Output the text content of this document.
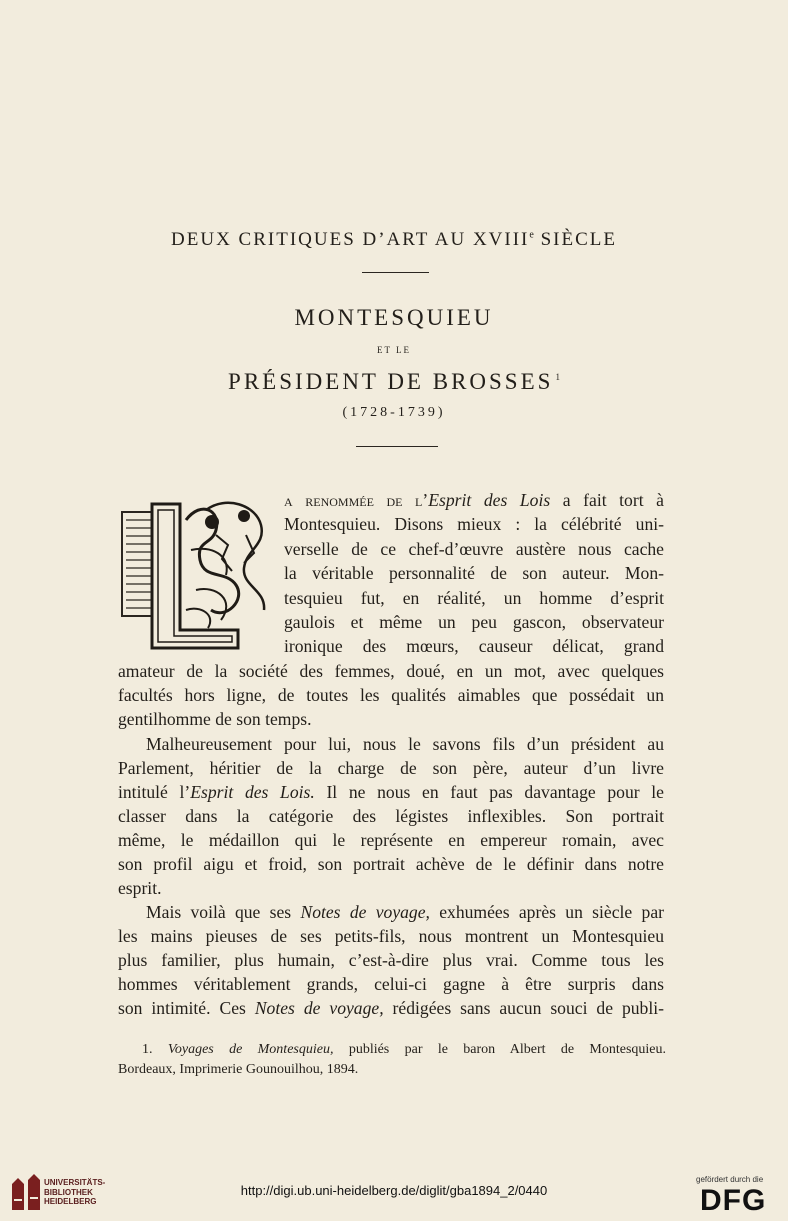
DEUX CRITIQUES D’ART AU XVIIIe SIÈCLE
MONTESQUIEU
ET LE
PRÉSIDENT DE BROSSES $^1$
(1728-1739)
a renommée de l’Esprit des Lois a fait tort à
Montesquieu. Disons mieux : la célébrité uni-
verselle de ce chef-d’œuvre austère nous cache
la véritable personnalité de son auteur. Mon-
tesquieu fut, en réalité, un homme d’esprit
gaulois et même un peu gascon, observateur
ironique des mœurs, causeur délicat, grand
amateur de la société des femmes, doué, en un mot, avec quelques
facultés hors ligne, de toutes les qualités aimables que possédait un
gentilhomme de son temps.
Malheureusement pour lui, nous le savons fils d’un président au
Parlement, héritier de la charge de son père, auteur d’un livre
intitulé l’Esprit des Lois. Il ne nous en faut pas davantage pour le
classer dans la catégorie des légistes inflexibles. Son portrait
même, le médaillon qui le représente en empereur romain, avec
son profil aigu et froid, son portrait achève de le définir dans notre
esprit.
Mais voilà que ses Notes de voyage, exhumées après un siècle par
les mains pieuses de ses petits-fils, nous montrent un Montesquieu
plus familier, plus humain, c’est-à-dire plus vrai. Comme tous les
hommes véritablement grands, celui-ci gagne à être surpris dans
son intimité. Ces Notes de voyage, rédigées sans aucun souci de publi-
1. Voyages de Montesquieu, publiés par le baron Albert de Montesquieu.
Bordeaux, Imprimerie Gounouilhou, 1894.
UNIVERSITÄTS-
BIBLIOTHEK
HEIDELBERG
http://digi.ub.uni-heidelberg.de/diglit/gba1894_2/0440
gefördert durch die
DFG
